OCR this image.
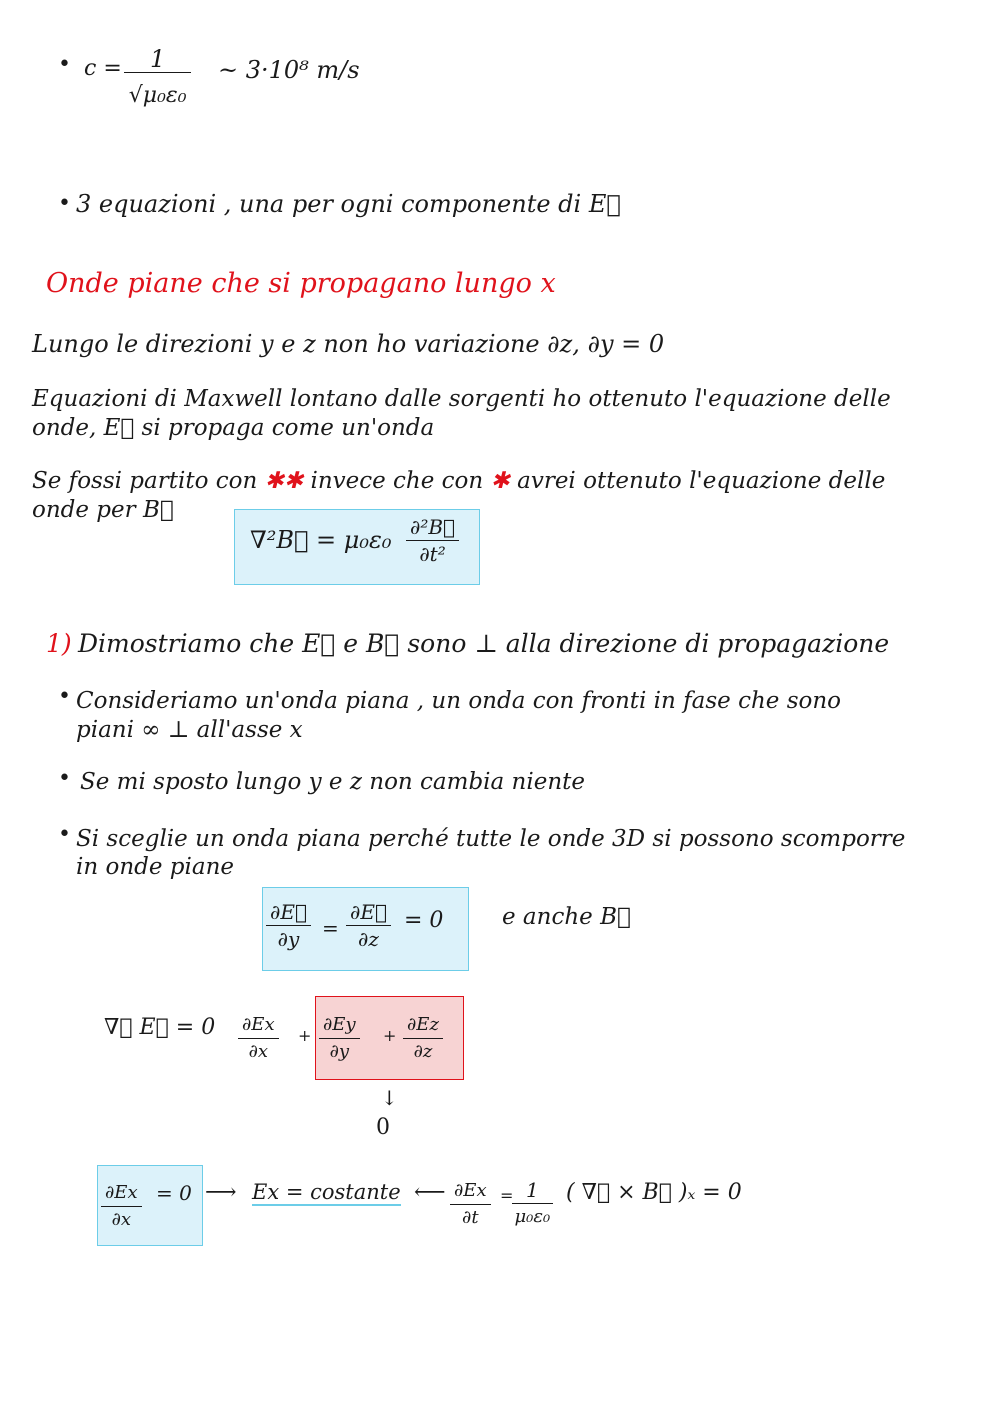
• $c = \frac{1}{\text{√μ₀ε₀}}$ ~ 3·10⁸ m/s
• 3 equazioni , una per ogni componente di E⃗
Onde piane che si propagano lungo x
Lungo le direzioni y e z non ho variazione ∂z, ∂y = 0
Equazioni di Maxwell lontano dalle sorgenti ho ottenuto l'equazione delle
onde, E⃗ si propaga come un'onda
Se fossi partito con ✱✱ invece che con ✱ avrei ottenuto l'equazione delle
onde per B⃗
∇²B⃗ = $\mu_0\varepsilon_0 \frac{\text{∂²B⃗}}{\text{∂t²}}$
1) Dimostriamo che E⃗ e B⃗ sono ⊥ alla direzione di propagazione
• Consideriamo un'onda piana , un onda con fronti in fase che sono
piani ∞ ⊥ all'asse x
• Se mi sposto lungo y e z non cambia niente
• Si sceglie un onda piana perché tutte le onde 3D si possono scomporre
in onde piane
$\frac{\partial E⃗}{\partial y} = \frac{\partial E⃗}{\partial z} = 0$	e anche B⃗
∇⃗ E⃗ = $0 \frac{\partial Ex}{\partial x} + \frac{\partial Ey}{\partial y} + \frac{\partial Ez}{\partial z}$
↓
0
$\frac{\partial Ex}{\partial x} = 0$ ⟶ Ex = costante ⟵ $\frac{\partial Ex}{\partial t}$ =
$\frac{1}{\text{μ₀ε₀}}$ ( ∇⃗ × B⃗ )ₓ = 0
